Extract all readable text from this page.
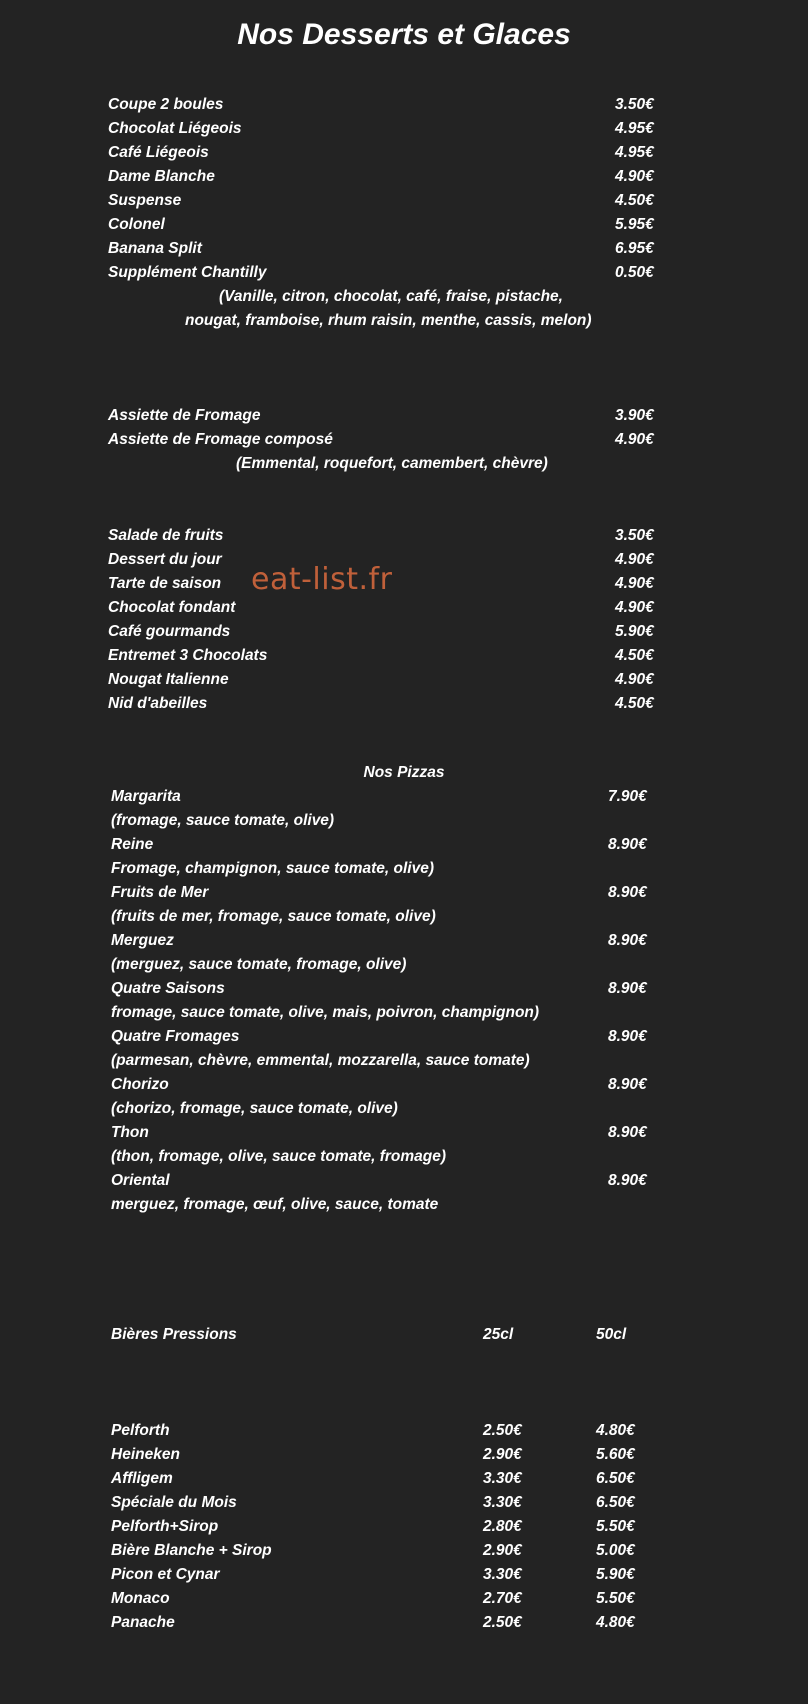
Nos Desserts et Glaces
Coupe 2 boules	3.50€
Chocolat Liégeois	4.95€
Café Liégeois	4.95€
Dame Blanche	4.90€
Suspense	4.50€
Colonel	5.95€
Banana Split	6.95€
Supplément Chantilly	0.50€
(Vanille, citron, chocolat, café, fraise, pistache,
nougat, framboise, rhum raisin, menthe, cassis, melon)
Assiette de Fromage	3.90€
Assiette de Fromage composé	4.90€
(Emmental, roquefort, camembert, chèvre)
Salade de fruits	3.50€
Dessert du jour	4.90€
Tarte de saison	4.90€
Chocolat fondant	4.90€
Café gourmands	5.90€
Entremet 3 Chocolats	4.50€
Nougat Italienne	4.90€
Nid d'abeilles	4.50€
Nos Pizzas
Margarita	7.90€
(fromage, sauce tomate, olive)
Reine	8.90€
Fromage, champignon, sauce tomate, olive)
Fruits de Mer	8.90€
(fruits de mer, fromage, sauce tomate, olive)
Merguez	8.90€
(merguez, sauce tomate, fromage, olive)
Quatre Saisons	8.90€
fromage, sauce tomate, olive, mais, poivron, champignon)
Quatre Fromages	8.90€
(parmesan, chèvre, emmental, mozzarella, sauce tomate)
Chorizo	8.90€
(chorizo, fromage, sauce tomate, olive)
Thon	8.90€
(thon, fromage, olive, sauce tomate, fromage)
Oriental	8.90€
merguez, fromage, œuf, olive, sauce, tomate
Bières Pressions	25cl	50cl
Pelforth	2.50€	4.80€
Heineken	2.90€	5.60€
Affligem	3.30€	6.50€
Spéciale du Mois	3.30€	6.50€
Pelforth+Sirop	2.80€	5.50€
Bière Blanche + Sirop	2.90€	5.00€
Picon et Cynar	3.30€	5.90€
Monaco	2.70€	5.50€
Panache	2.50€	4.80€
eat-list.fr
